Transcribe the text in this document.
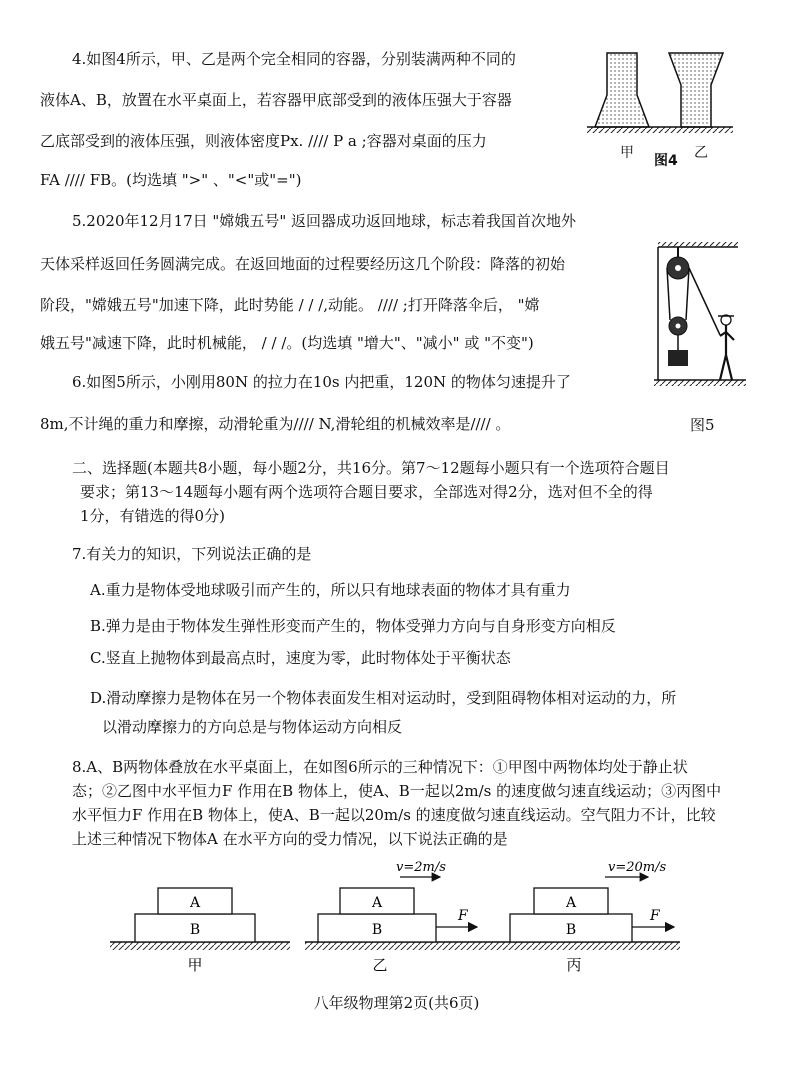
4.如图4所示，甲、乙是两个完全相同的容器，分别装满两种不同的
液体A、B，放置在水平桌面上，若容器甲底部受到的液体压强大于容器
乙底部受到的液体压强，则液体密度Px. //// P a ;容器对桌面的压力
FA //// FB。(均选填 ">" 、"<"或"=")
甲 图4 乙
5.2020年12月17日 "嫦娥五号" 返回器成功返回地球，标志着我国首次地外
天体采样返回任务圆满完成。在返回地面的过程要经历这几个阶段：降落的初始
阶段，"嫦娥五号"加速下降，此时势能 / / /,动能。 //// ;打开降落伞后， "嫦
娥五号"减速下降，此时机械能， / / /。(均选填 "增大"、"减小" 或 "不变")
6.如图5所示，小刚用80N 的拉力在10s 内把重，120N 的物体匀速提升了
8m,不计绳的重力和摩擦，动滑轮重为//// N,滑轮组的机械效率是//// 。	图5
二、选择题(本题共8小题，每小题2分，共16分。第7～12题每小题只有一个选项符合题目
要求；第13～14题每小题有两个选项符合题目要求，全部选对得2分，选对但不全的得
1分，有错选的得0分)
7.有关力的知识，下列说法正确的是
A.重力是物体受地球吸引而产生的，所以只有地球表面的物体才具有重力
B.弹力是由于物体发生弹性形变而产生的，物体受弹力方向与自身形变方向相反
C.竖直上抛物体到最高点时，速度为零，此时物体处于平衡状态
D.滑动摩擦力是物体在另一个物体表面发生相对运动时，受到阻碍物体相对运动的力，所
以滑动摩擦力的方向总是与物体运动方向相反
8.A、B两物体叠放在水平桌面上，在如图6所示的三种情况下：①甲图中两物体均处于静止状
态；②乙图中水平恒力F 作用在B 物体上，使A、B一起以2m/s 的速度做匀速直线运动；③丙图中
水平恒力F 作用在B 物体上，使A、B一起以20m/s 的速度做匀速直线运动。空气阻力不计，比较
上述三种情况下物体A 在水平方向的受力情况，以下说法正确的是
A
B
A
B
F
v=2m/s
A
B
F
v=20m/s
甲	乙	丙
八年级物理第2页(共6页)
